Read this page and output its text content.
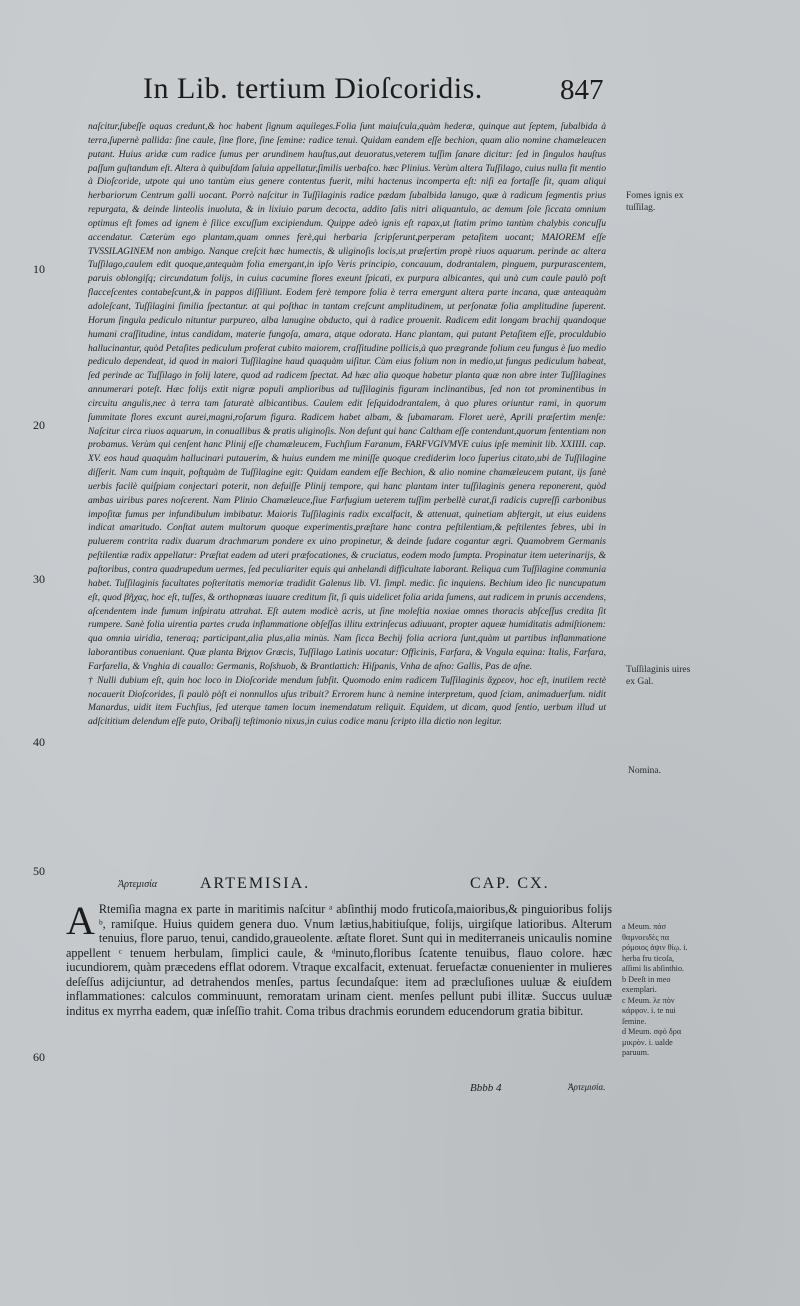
In Lib. tertium Dioſcoridis.	847
10
20
30
40
50
60

naſcitur,ſubeſſe aquas credunt,& hoc habent ſignum aquileges.Folia ſunt maiuſcula,quàm hederæ, quinque aut ſeptem, ſubalbida à terra,ſupernè pallida: ſine caule, ſine flore, ſine ſemine: radice tenui. Quidam eandem eſſe bechion, quam alio nomine chamæleucen putant. Huius aridæ cum radice ſumus per arundinem hauſtus,aut deuoratus,veterem tuſſim ſanare dicitur: ſed in ſingulos hauſtus paſſum guſtandum eſt. Altera à quibuſdam ſaluia appellatur,ſimilis uerbaſco. hæc Plinius. Verùm altera Tuſſilago, cuius nulla fit mentio à Dioſcoride, utpote qui uno tantùm eius genere contentus fuerit, mihi hactenus incomperta eſt: niſi ea fortaſſe ſit, quam aliqui herbariorum Centrum galli uocant. Porrò naſcitur in Tuſſilaginis radice pædam ſubalbida lanugo, quæ à radicum ſegmentis prius repurgata, & deinde linteolis inuoluta, & in lixiuio parum decocta, addito ſalis nitri aliquantulo, ac demum ſole ſiccata omnium optimus eſt fomes ad ignem è ſilice excuſſum excipiendum. Quippe adeò ignis eſt rapax,ut ſtatim primo tantùm chalybis concuſſu accendatur. Cæterùm ego plantam,quam omnes ferè,qui herbaria ſcripſerunt,perperam petaſitem uocant; MAIOREM eſſe TVSSILAGINEM non ambigo. Nanque creſcit hæc humectis, & uliginoſis locis,ut præſertim propè riuos aquarum. perinde ac altera Tuſſilago,caulem edit quoque,antequàm folia emergant,in ipſo Veris principio, concauum, dodrantalem, pinguem, purpurascentem, paruis oblongiſq; circundatum folijs, in cuius cacumine flores exeunt ſpicati, ex purpura albicantes, qui unà cum caule paulò poſt flacceſcentes contabeſcunt,& in pappos diſſiliunt. Eodem ferè tempore folia è terra emergunt altera parte incana, quæ anteaquàm adoleſcant, Tuſſilagini ſimilia ſpectantur. at qui poſthac in tantam creſcunt amplitudinem, ut perſonatæ folia amplitudine ſuperent. Horum ſingula pediculo nituntur purpureo, alba lanugine obducto, qui à radice prouenit. Radicem edit longam brachij quandoque humani craſſitudine, intus candidam, materie fungoſa, amara, atque odorata. Hanc plantam, qui putant Petaſitem eſſe, proculdubio hallucinantur, quòd Petaſites pediculum proferat cubito maiorem, craſſitudine pollicis,à quo prægrande folium ceu fungus è ſuo medio pediculo dependeat, id quod in maiori Tuſſilagine haud quaquàm uiſitur. Cùm eius folium non in medio,ut fungus pediculum habeat, ſed perinde ac Tuſſilago in folij latere, quod ad radicem ſpectat. Ad hæc alia quoque habetur planta quæ non abre inter Tuſſilagines annumerari poteſt. Hæc folijs extit nigræ populi amplioribus ad tuſſilaginis figuram inclinantibus, ſed non tot prominentibus in circuitu angulis,nec à terra tam ſaturatè albicantibus. Caulem edit ſeſquidodrantalem, à quo plures oriuntur rami, in quorum ſummitate flores excunt aurei,magni,roſarum figura. Radicem habet albam, & ſubamaram. Floret uerè, Aprili præſertim menſe: Naſcitur circa riuos aquarum, in conuallibus & pratis uliginoſis. Non deſunt qui hanc Caltham eſſe contendunt,quorum ſententiam non probamus. Verùm qui cenſent hanc Plinij eſſe chamæleucem, Fuchſium Faranum, FARFVGIVMVE cuius ipſe meminit lib. XXIIII. cap. XV. eos haud quaquàm hallucinari putauerim, & huius eundem me miniſſe quoque crediderim loco ſuperius citato,ubi de Tuſſilagine diſſerit. Nam cum inquit, poſtquàm de Tuſſilagine egit: Quidam eandem eſſe Bechion, & alio nomine chamæleucem putant, ijs ſanè uerbis facilè quiſpiam conjectari poterit, non defuiſſe Plinij tempore, qui hanc plantam inter tuſſilaginis genera reponerent, quòd ambas uiribus pares noſcerent. Nam Plinio Chamæleuce,ſiue Farfugium ueterem tuſſim perbellè curat,ſi radicis cupreſſi carbonibus impoſitæ fumus per infundibulum imbibatur. Maioris Tuſſilaginis radix excalfacit, & attenuat, quinetiam abſtergit, ut eius euidens indicat amaritudo. Conſtat autem multorum quoque experimentis,præſtare hanc contra peſtilentiam,& peſtilentes febres, ubi in puluerem contrita radix duarum drachmarum pondere ex uino propinetur, & deinde ſudare cogantur ægri. Quamobrem Germanis peſtilentiæ radix appellatur: Præſtat eadem ad uteri præfocationes, & cruciatus, eodem modo ſumpta. Propinatur item ueterinarijs, & paſtoribus, contra quadrupedum uermes, ſed peculiariter equis qui anhelandi difficultate laborant. Reliqua cum Tuſſilagine communia habet. Tuſſilaginis facultates poſteritatis memoriæ tradidit Galenus lib. VI. ſimpl. medic. ſic inquiens. Bechium ideo ſic nuncupatum eſt, quod βῆχας, hoc eſt, tuſſes, & orthopnœas iuuare creditum ſit, ſi quis uidelicet folia arida ſumens, aut radicem in prunis accendens, aſcendentem inde fumum inſpiratu attrahat. Eſt autem modicè acris, ut ſine moleſtia noxiae omnes thoracis abſceſſus credita ſit rumpere. Sanè folia uirentia partes cruda inflammatione obſeſſas illitu extrinſecus adiuuant, propter aqueæ humiditatis admiſtionem: qua omnia uiridia, teneraq; participant,alia plus,alia minùs. Nam ſicca Bechij folia acriora ſunt,quàm ut partibus inflammatione laborantibus conueniant. Quæ planta Βήχιον Græcis, Tuſſilago Latinis uocatur: Officinis, Farfara, & Vngula equina: Italis, Farfara, Farfarella, & Vnghia di cauallo: Germanis, Roſshuob, & Brantlattich: Hiſpanis, Vnha de aſno: Gallis, Pas de aſne.

† Nulli dubium eſt, quin hoc loco in Dioſcoride mendum ſubſit. Quomodo enim radicem Tuſſilaginis ἄχρεον, hoc eſt, inutilem rectè nocauerit Dioſcorides, ſi paulò pòſt ei nonnullos uſus tribuit? Errorem hunc à nemine interpretum, quod ſciam, animaduerſum. nidit Manardus, uidit item Fuchſius, ſed uterque tamen locum inemendatum reliquit. Equidem, ut dicam, quod ſentio, uerbum illud ut adſcititium delendum eſſe puto, Oribaſij teſtimonio nixus,in cuius codice manu ſcripto illa dictio non legitur.

Fomes ignis ex tuſſilag.
Tuſſilaginis uires ex Gal.
Nomina.
Ἀρτεμισία	ARTEMISIA.	CAP. CX.
A Rtemiſia magna ex parte in maritimis naſcitur ᵃ abſinthij modo fruticoſa,maioribus,& pinguioribus folijs ᵇ, ramiſque. Huius quidem genera duo. Vnum lætius,habitiuſque, folijs, uirgiſque latioribus. Alterum tenuius, flore paruo, tenui, candido,graueolente. æſtate floret. Sunt qui in mediterraneis unicaulis nomine appellent ᶜ tenuem herbulam, ſimplici caule, & ᵈminuto,floribus ſcatente tenuibus, flauo colore. hæc iucundiorem, quàm præcedens efflat odorem. Vtraque excalfacit, extenuat. feruefactæ conuenienter in mulieres deſeſſus adijciuntur, ad detrahendos menſes, partus ſecundaſque: item ad præcluſiones uuluæ & eiuſdem inflammationes: calculos comminuunt, remoratam urinam cient. menſes pellunt pubi illitæ. Succus uuluæ inditus ex myrrha eadem, quæ inſeſſio trahit. Coma tribus drachmis eorundem educendorum gratia bibitur.

a Meum. πάσ θαμνοειδὲς πα ρόμοιος ἀψιν θίῳ. i. herba fru ticoſa, aſſimi lis abſinthio.
b Deeſt in meo exemplari.
c Meum. λε πὸν κάρφον. i. te nui ſemine.
d Meum. σφό δρα μικρὸν. i. ualde paruum.
Bbbb 4	Ἀρτεμισία.
